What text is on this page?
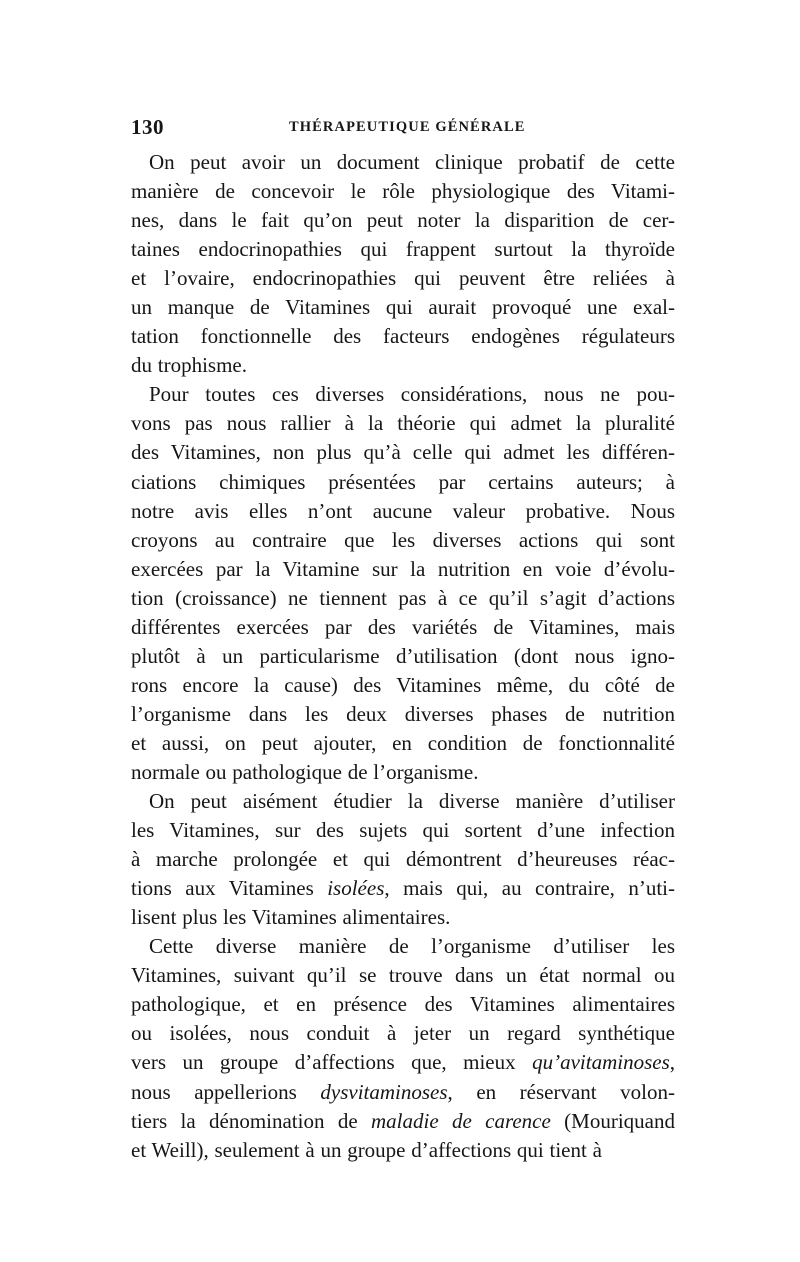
130	THÉRAPEUTIQUE GÉNÉRALE
On peut avoir un document clinique probatif de cette
manière de concevoir le rôle physiologique des Vitami-
nes, dans le fait qu’on peut noter la disparition de cer-
taines endocrinopathies qui frappent surtout la thyroïde
et l’ovaire, endocrinopathies qui peuvent être reliées à
un manque de Vitamines qui aurait provoqué une exal-
tation fonctionnelle des facteurs endogènes régulateurs
du trophisme.
Pour toutes ces diverses considérations, nous ne pou-
vons pas nous rallier à la théorie qui admet la pluralité
des Vitamines, non plus qu’à celle qui admet les différen-
ciations chimiques présentées par certains auteurs; à
notre avis elles n’ont aucune valeur probative. Nous
croyons au contraire que les diverses actions qui sont
exercées par la Vitamine sur la nutrition en voie d’évolu-
tion (croissance) ne tiennent pas à ce qu’il s’agit d’actions
différentes exercées par des variétés de Vitamines, mais
plutôt à un particularisme d’utilisation (dont nous igno-
rons encore la cause) des Vitamines même, du côté de
l’organisme dans les deux diverses phases de nutrition
et aussi, on peut ajouter, en condition de fonctionnalité
normale ou pathologique de l’organisme.
On peut aisément étudier la diverse manière d’utiliser
les Vitamines, sur des sujets qui sortent d’une infection
à marche prolongée et qui démontrent d’heureuses réac-
tions aux Vitamines isolées, mais qui, au contraire, n’uti-
lisent plus les Vitamines alimentaires.
Cette diverse manière de l’organisme d’utiliser les
Vitamines, suivant qu’il se trouve dans un état normal ou
pathologique, et en présence des Vitamines alimentaires
ou isolées, nous conduit à jeter un regard synthétique
vers un groupe d’affections que, mieux qu’avitaminoses,
nous appellerions dysvitaminoses, en réservant volon-
tiers la dénomination de maladie de carence (Mouriquand
et Weill), seulement à un groupe d’affections qui tient à
